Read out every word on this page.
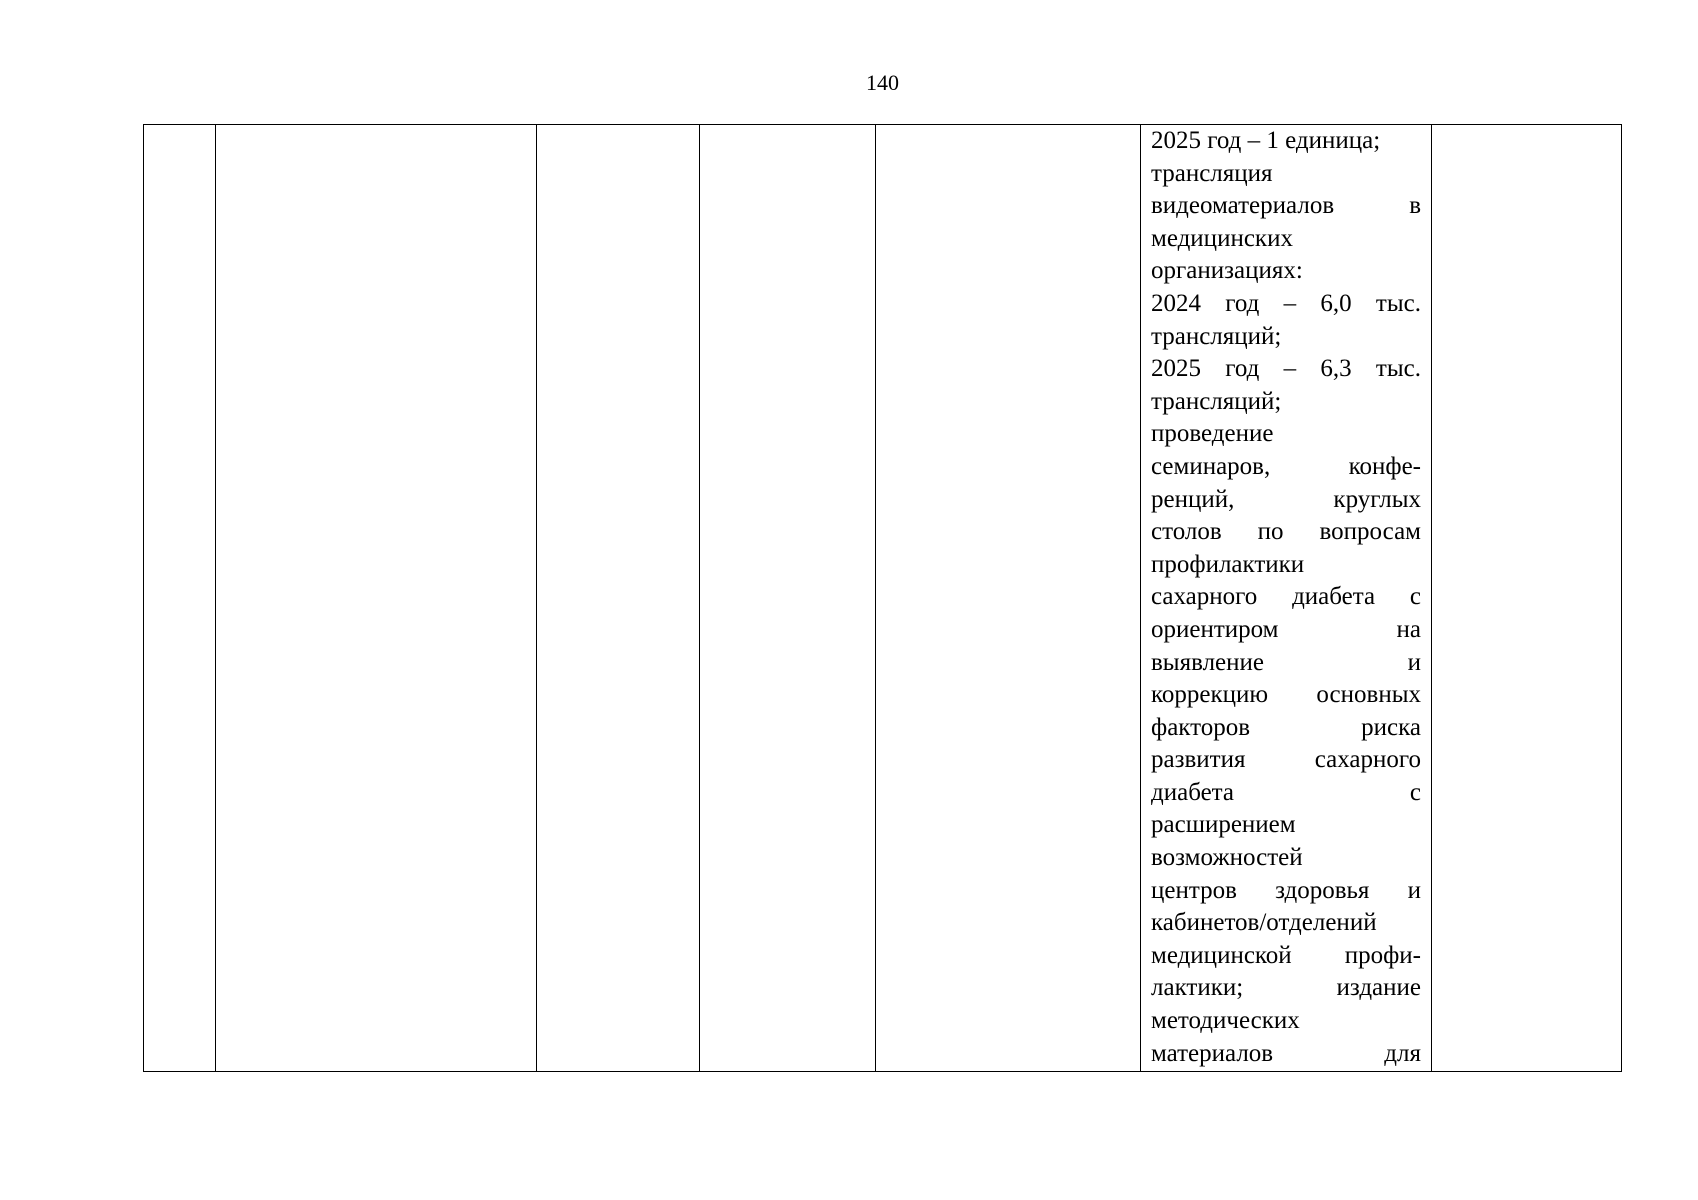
140

2025 год – 1 единица;
трансляция
видеоматериалов в
медицинских
организациях:
2024 год – 6,0 тыс.
трансляций;
2025 год – 6,3 тыс.
трансляций;
проведение
семинаров, конфе-
ренций, круглых
столов по вопросам
профилактики
сахарного диабета с
ориентиром на
выявление и
коррекцию основных
факторов риска
развития сахарного
диабета с
расширением
возможностей
центров здоровья и
кабинетов/отделений
медицинской профи-
лактики; издание
методических
материалов для
